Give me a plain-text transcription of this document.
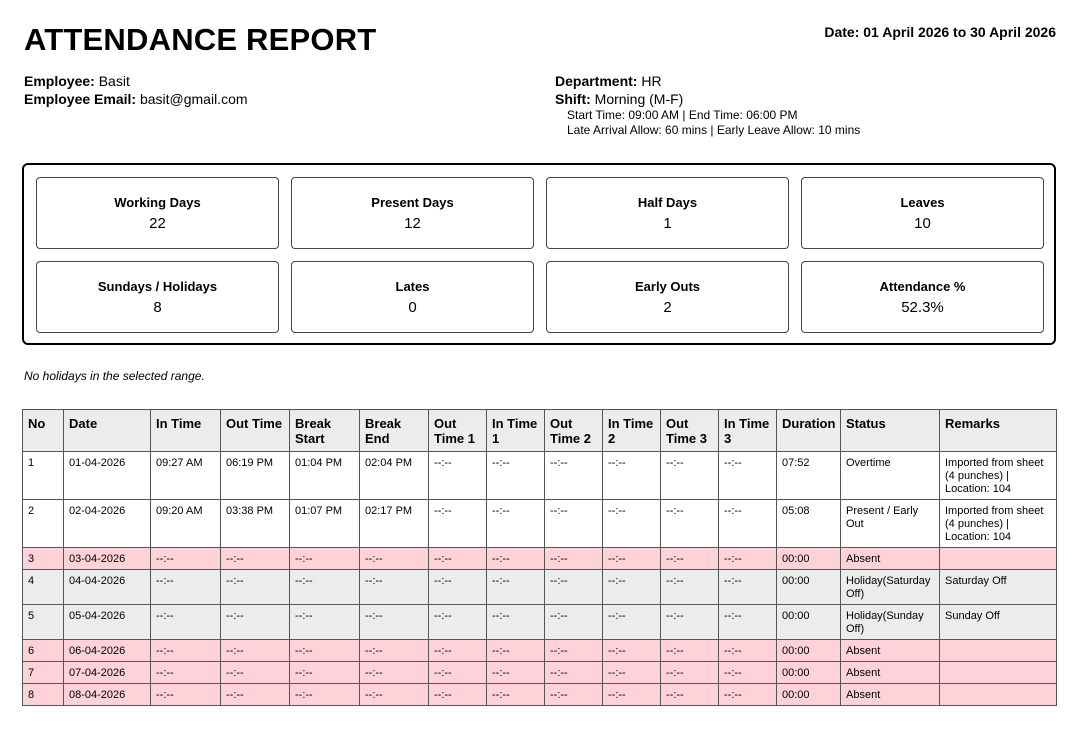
ATTENDANCE REPORT	Date: 01 April 2026 to 30 April 2026
Employee: Basit
Employee Email: basit@gmail.com
Department: HR
Shift: Morning (M-F)
Start Time: 09:00 AM | End Time: 06:00 PM
Late Arrival Allow: 60 mins | Early Leave Allow: 10 mins
Working Days
22
Present Days
12
Half Days
1
Leaves
10
Sundays / Holidays
8
Lates
0
Early Outs
2
Attendance %
52.3%
No holidays in the selected range.
No	Date	In Time	Out Time	Break Start	Break End	Out Time 1	In Time 1	Out Time 2	In Time 2	Out Time 3	In Time 3	Duration	Status	Remarks
1	01-04-2026	09:27 AM	06:19 PM	01:04 PM	02:04 PM	--:--	--:--	--:--	--:--	--:--	--:--	07:52	Overtime	Imported from sheet (4 punches) | Location: 104
2	02-04-2026	09:20 AM	03:38 PM	01:07 PM	02:17 PM	--:--	--:--	--:--	--:--	--:--	--:--	05:08	Present / Early Out	Imported from sheet (4 punches) | Location: 104
3	03-04-2026	--:--	--:--	--:--	--:--	--:--	--:--	--:--	--:--	--:--	--:--	00:00	Absent	
4	04-04-2026	--:--	--:--	--:--	--:--	--:--	--:--	--:--	--:--	--:--	--:--	00:00	Holiday(Saturday Off)	Saturday Off
5	05-04-2026	--:--	--:--	--:--	--:--	--:--	--:--	--:--	--:--	--:--	--:--	00:00	Holiday(Sunday Off)	Sunday Off
6	06-04-2026	--:--	--:--	--:--	--:--	--:--	--:--	--:--	--:--	--:--	--:--	00:00	Absent	
7	07-04-2026	--:--	--:--	--:--	--:--	--:--	--:--	--:--	--:--	--:--	--:--	00:00	Absent	
8	08-04-2026	--:--	--:--	--:--	--:--	--:--	--:--	--:--	--:--	--:--	--:--	00:00	Absent	
